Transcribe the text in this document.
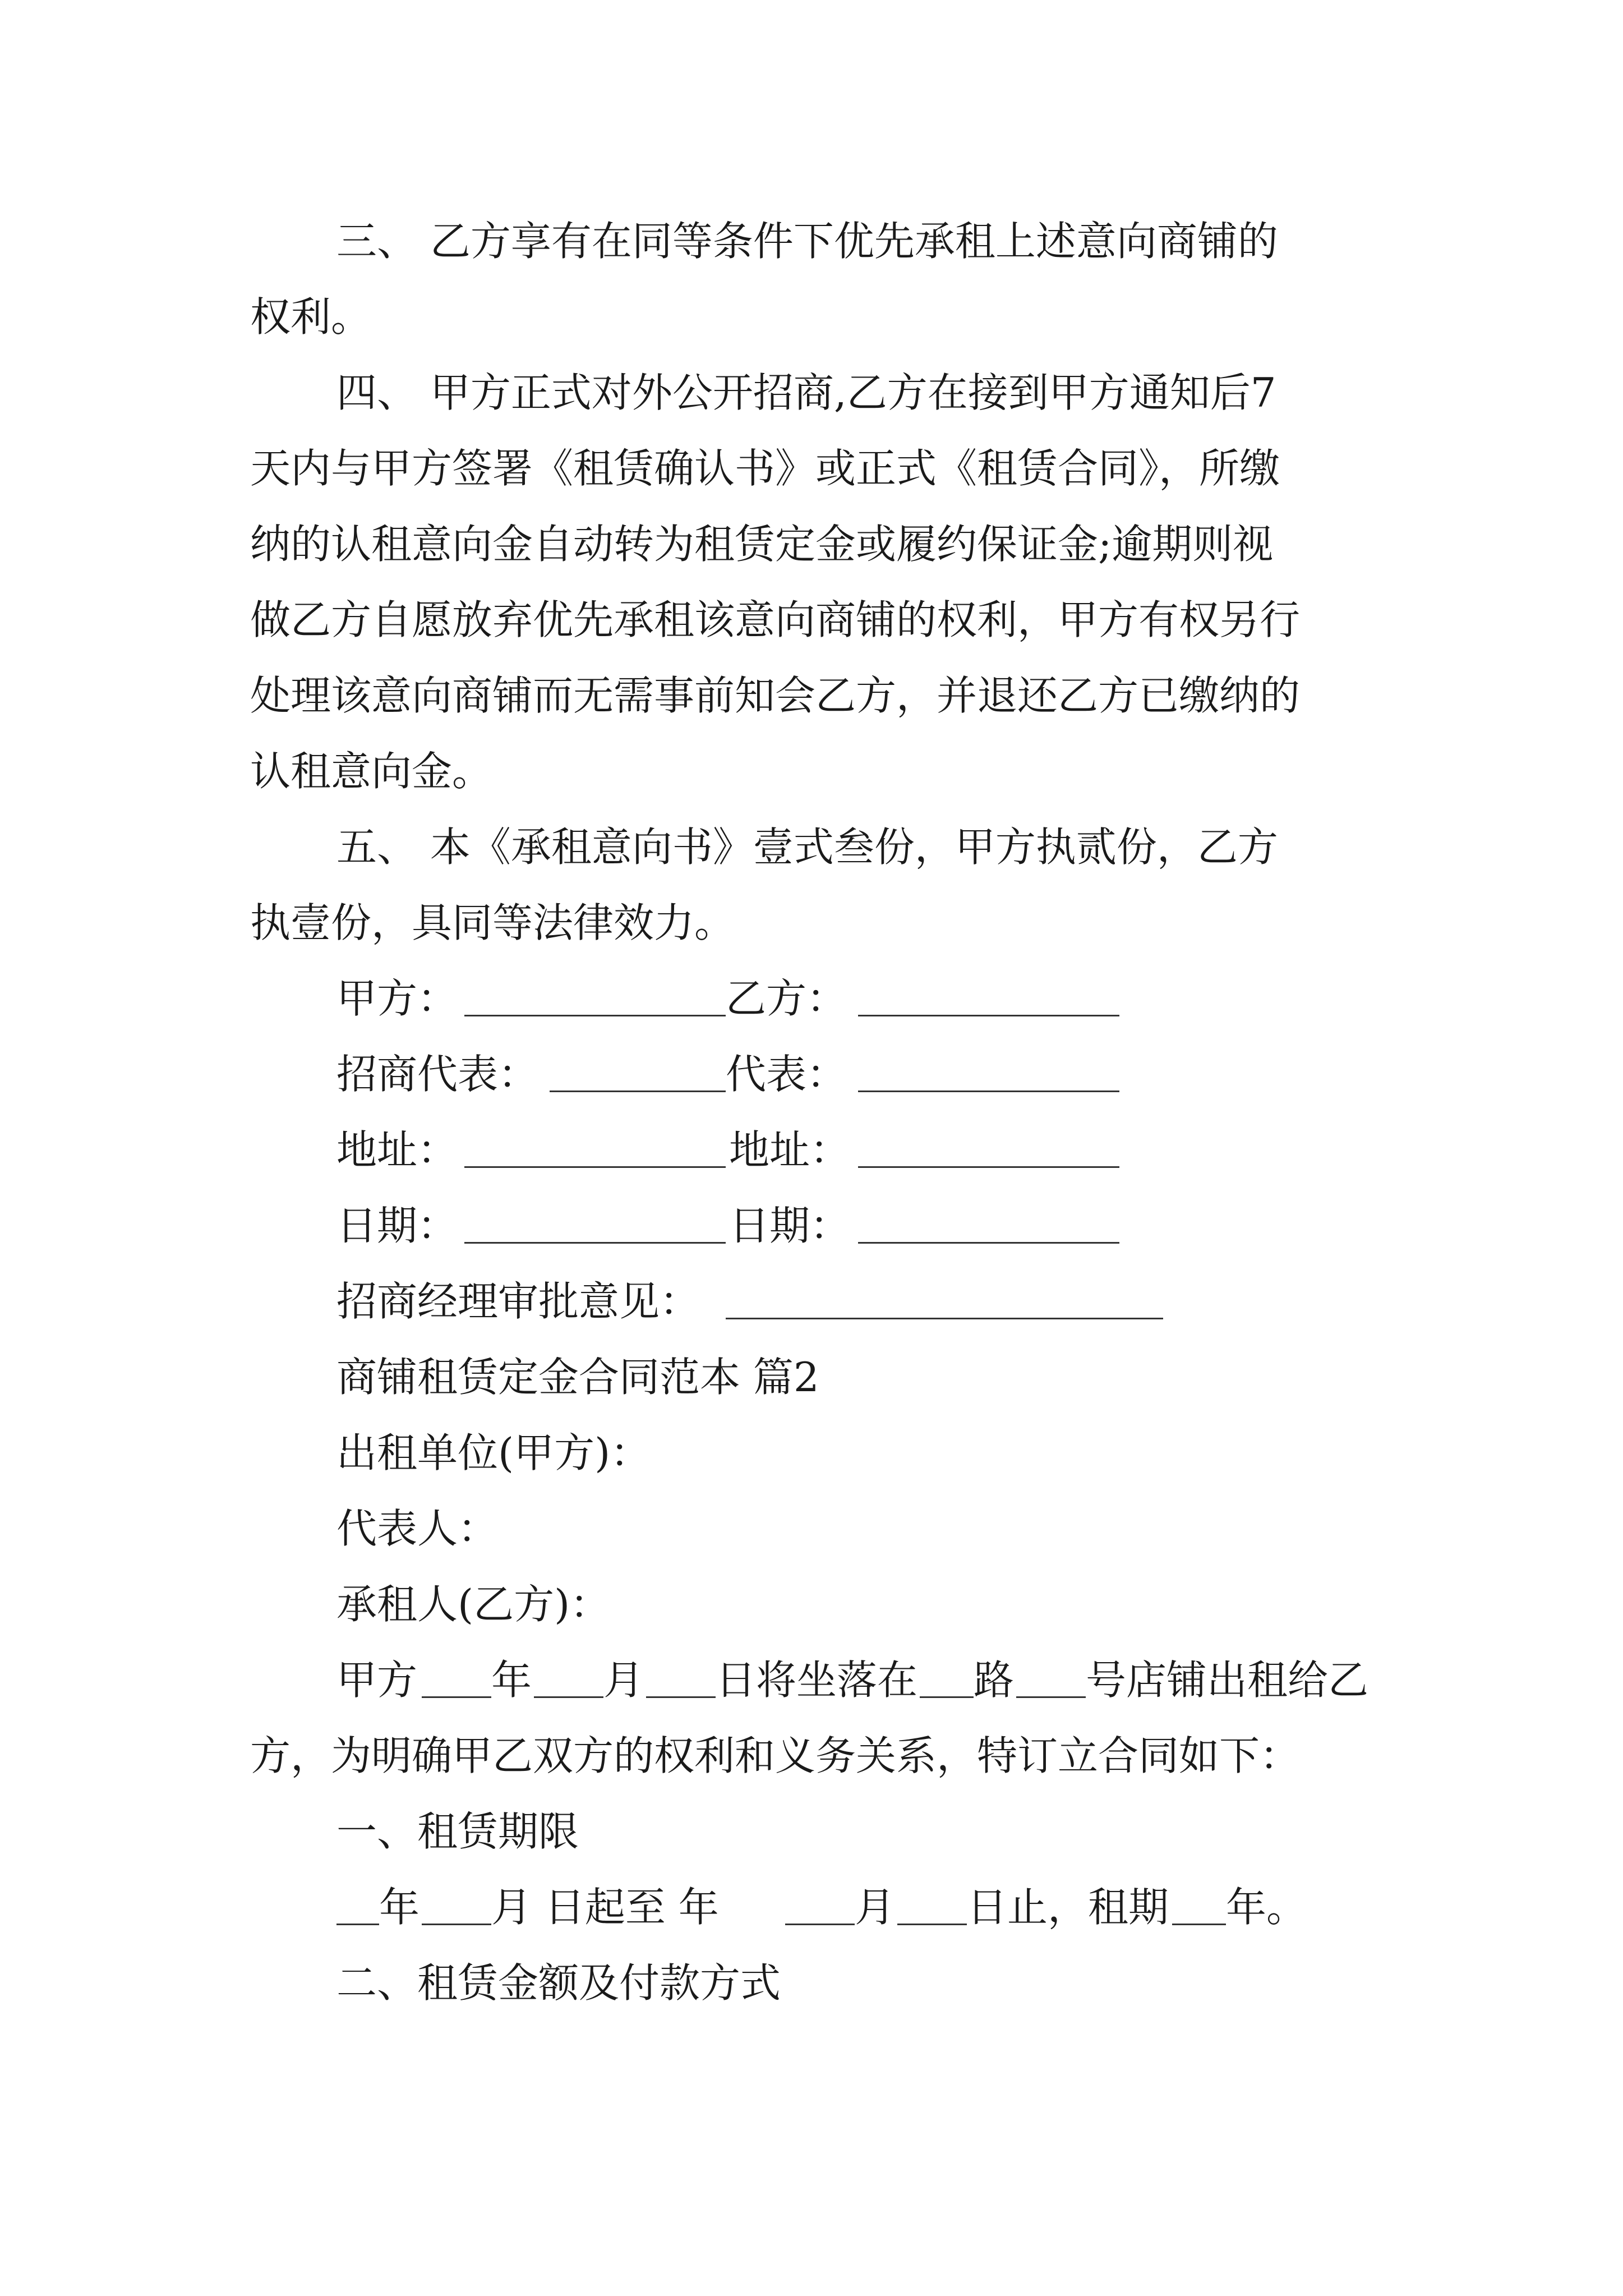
三、 乙方享有在同等条件下优先承租上述意向商铺的
权利。
四、 甲方正式对外公开招商,乙方在接到甲方通知后7
天内与甲方签署《租赁确认书》或正式《租赁合同》，所缴
纳的认租意向金自动转为租赁定金或履约保证金;逾期则视
做乙方自愿放弃优先承租该意向商铺的权利，甲方有权另行
处理该意向商铺而无需事前知会乙方，并退还乙方已缴纳的
认租意向金。
五、 本《承租意向书》壹式叁份，甲方执贰份，乙方
执壹份，具同等法律效力。
甲方：	乙方：
招商代表：	代表：
地址：	地址：
日期：	日期：
招商经理审批意见：
商铺租赁定金合同范本 篇2
出租单位(甲方)：
代表人：
承租人(乙方)：
甲方 年 月 日将坐落在 路 号店铺出租给乙
方，为明确甲乙双方的权利和义务关系，特订立合同如下：
一、租赁期限
年 月 日起至 年	月 日止，租期 年。
二、租赁金额及付款方式
